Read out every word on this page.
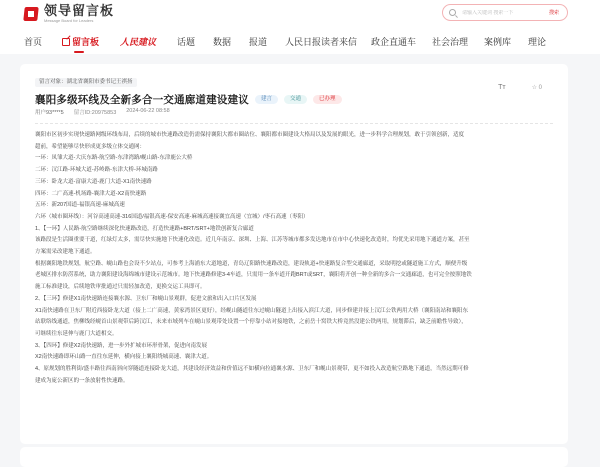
领导留言板
Message Board for Leaders
请输入关键词 搜索一下
搜索
首页	留言板 人民建议 话题 数据 报道 人民日报读者来信 政企直通车 社会治理 案例库 理论
留言对象：湖北省襄阳市委书记王祺扬
襄阳多级环线及全新多合一交通廊道建设建议	建言	交通	已办理
Tт	☆ 0
用户93****5 留言ID:20975853 2024-06-22 08:58

襄阳市区初步实现快速路网级环线布局，后续的城市快速路改造仍需保持襄阳大都市圈站位、襄阳都市圈建设大格局以及发展的眼光，进一步科学合理规划，敢于引领创新，适度

超前，希望能够尽快形成更多级立体交通网：

一环：凤雏大道-大庆东路-航空路-东津湾路/岘山路-东津鹿公大桥

二环：汉江路-环城大道-苏岭路-东津大桥-环城南路

三环：卧龙大道-富康大道-鹿门大道-X1南快速路

四环：二广高速-机场路-襄津大道-X2南快速路

五环：新207国道-福银高速-麻城高速

六环（城市圈环线）：河谷高速高速-316国道/福银高速-保安高速-麻城高速接襄宜高速（宜城）/枣石高速（枣阳）

1、【一环】人民路-航空路继续深化快速路改造，打造快速路+BRT/SRT+地铁创新复合廊道

该路段是生活圈重要干道，红绿灯太多，需尽快实施地下快速化改造。近几年南京、深圳、上海、江苏等城市都多发达地市在市中心快速化改造时，均优先采用地下通道方案，甚至

方案需采改建地下通道。

根据襄阳地铁规划，航空路、岘山路也会设不少站点，可参考上海浦东大道地道，青岛辽阳路快速路改造，建设轨道+快速路复合型交通廊道，采取明挖或隧道施工方式，顺便升级

老城区排水防涝系统，助力襄阳建设海绵城市建设示范城市。地下快速路修建3-4车道，只需用一条车道开跑BRT或SRT，襄阳将开创一种全新的多合一交通廊道，也可完全按照地铁

施工标准建设，后续地铁审批通过只需轻加改造，更换交运工具即可。

2、【三环】修建X1南快速路连接襄水源、卫东厂和岘山景观群，促进文旅和出入口片区发展

X1南快速路在卫东厂附近西接卧龙大道（接上二广高速，黄家湾景区更好），经岘山隧道往东过岘山隧道上出接入滨江大道，同步修建并接上汉江公铁两用大桥（襄阳南站和襄阳东

站联络线通道，焦柳线经岘首山景观带后跨汉江，未来市域列车在岘山景观带处设置一个停靠小站对接地铁，之前岳十窝铁大桥竟然没建公铁两用，规划滞后，缺乏前瞻性导致），

可继续往东延伸与鹿门大道相交。

3、【四环】修建X2南快速路，进一步外扩城市环形骨架，促进向南发展

X2南快速路即环山路一直往东延伸，横向接上襄阳绕城高速、襄津大道。

4、原规划的胜利街/盛丰路往西南斜向穿隧道连接卧龙大道，其建设经济效益和价值远不如横向拉通襄水源、卫东厂和岘山景观带，更不如投入改造航空路地下通道，当然远期可修

建成为庞公新区的一条放射性快速路。
